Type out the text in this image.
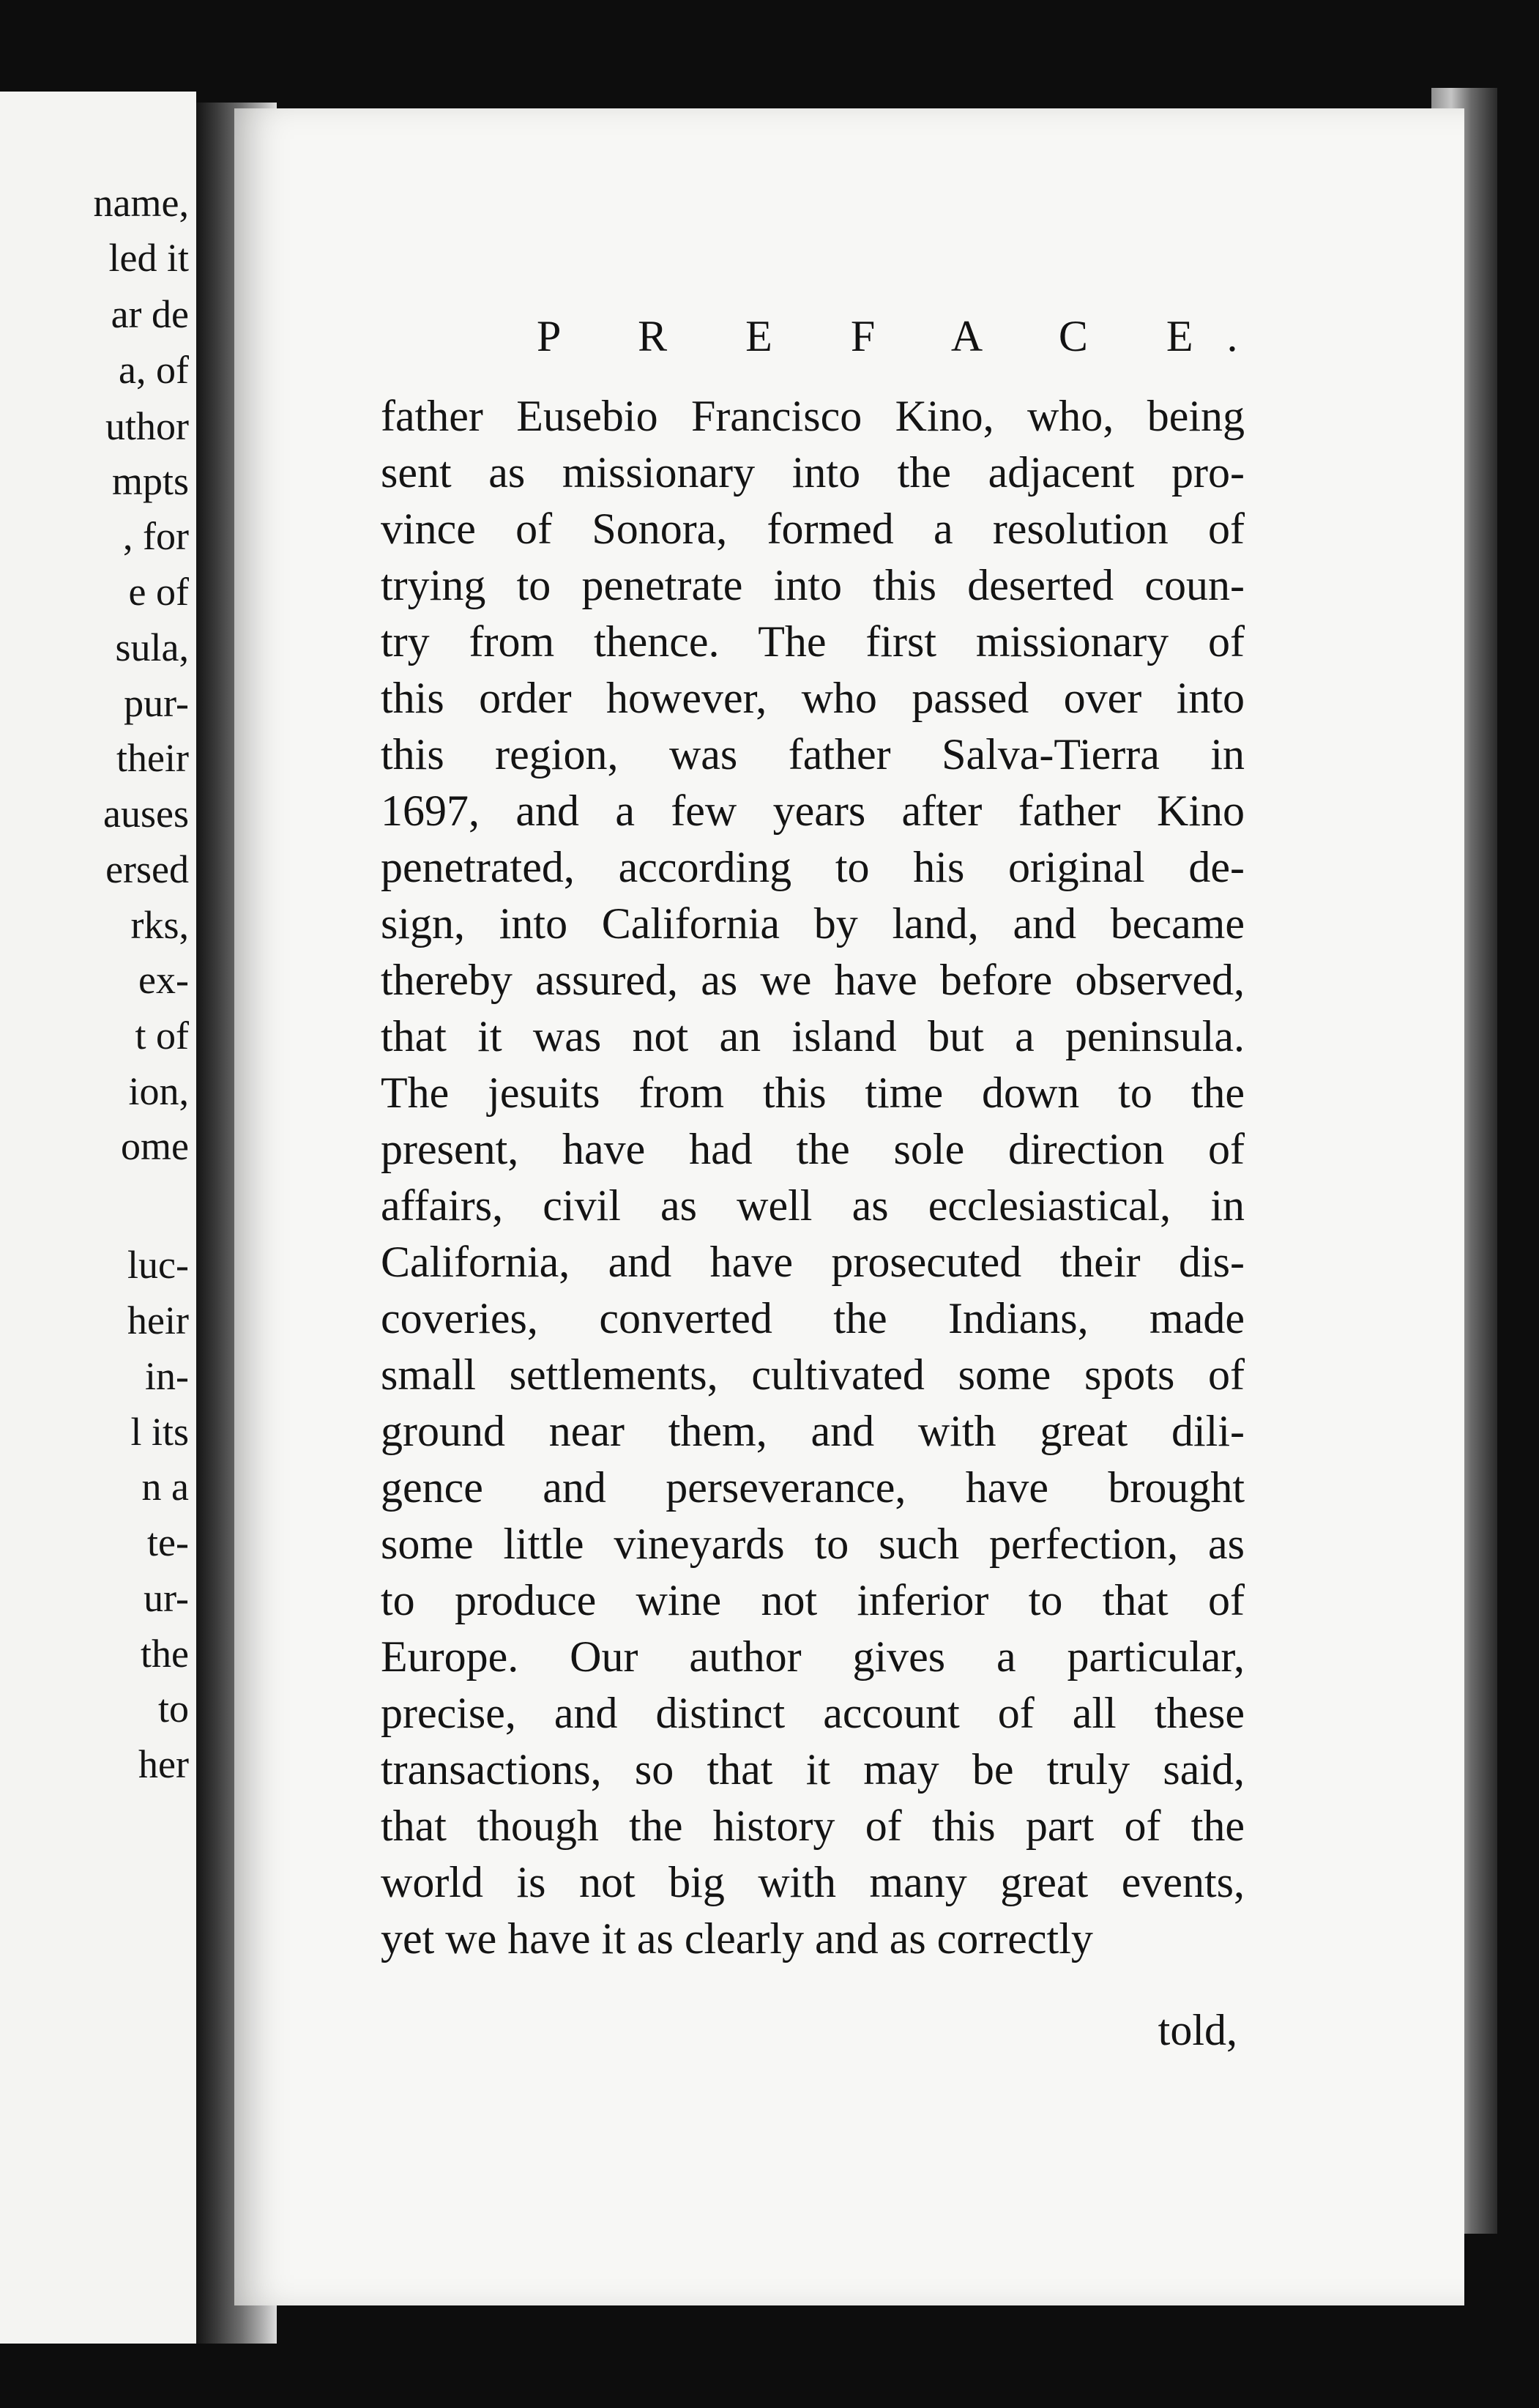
name,
led it
ar de
a, of
uthor
mpts
, for
e of
sula,
pur-
their
auses
ersed
rks,
ex-
t of
ion,
ome
luc-
heir
in-
l its
n a
te-
ur-
the
to
her
P R E F A C E.
father Eusebio Francisco Kino, who, being
sent as missionary into the adjacent pro-
vince of Sonora, formed a resolution of
trying to penetrate into this deserted coun-
try from thence. The first missionary of
this order however, who passed over into
this region, was father Salva-Tierra in
1697, and a few years after father Kino
penetrated, according to his original de-
sign, into California by land, and became
thereby assured, as we have before observed,
that it was not an island but a peninsula.
The jesuits from this time down to the
present, have had the sole direction of
affairs, civil as well as ecclesiastical, in
California, and have prosecuted their dis-
coveries, converted the Indians, made
small settlements, cultivated some spots of
ground near them, and with great dili-
gence and perseverance, have brought
some little vineyards to such perfection, as
to produce wine not inferior to that of
Europe. Our author gives a particular,
precise, and distinct account of all these
transactions, so that it may be truly said,
that though the history of this part of the
world is not big with many great events,
yet we have it as clearly and as correctly
told,
